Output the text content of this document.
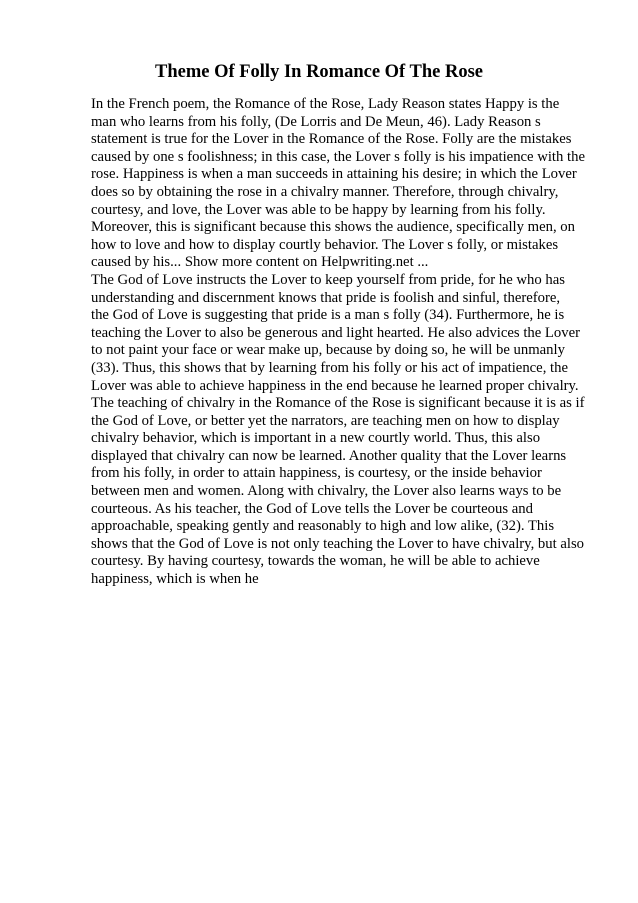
Theme Of Folly In Romance Of The Rose
In the French poem, the Romance of the Rose, Lady Reason states Happy is the
man who learns from his folly, (De Lorris and De Meun, 46). Lady Reason s
statement is true for the Lover in the Romance of the Rose. Folly are the mistakes
caused by one s foolishness; in this case, the Lover s folly is his impatience with the
rose. Happiness is when a man succeeds in attaining his desire; in which the Lover
does so by obtaining the rose in a chivalry manner. Therefore, through chivalry,
courtesy, and love, the Lover was able to be happy by learning from his folly.
Moreover, this is significant because this shows the audience, specifically men, on
how to love and how to display courtly behavior. The Lover s folly, or mistakes
caused by his... Show more content on Helpwriting.net ...
The God of Love instructs the Lover to keep yourself from pride, for he who has
understanding and discernment knows that pride is foolish and sinful, therefore,
the God of Love is suggesting that pride is a man s folly (34). Furthermore, he is
teaching the Lover to also be generous and light hearted. He also advices the Lover
to not paint your face or wear make up, because by doing so, he will be unmanly
(33). Thus, this shows that by learning from his folly or his act of impatience, the
Lover was able to achieve happiness in the end because he learned proper chivalry.
The teaching of chivalry in the Romance of the Rose is significant because it is as if
the God of Love, or better yet the narrators, are teaching men on how to display
chivalry behavior, which is important in a new courtly world. Thus, this also
displayed that chivalry can now be learned. Another quality that the Lover learns
from his folly, in order to attain happiness, is courtesy, or the inside behavior
between men and women. Along with chivalry, the Lover also learns ways to be
courteous. As his teacher, the God of Love tells the Lover be courteous and
approachable, speaking gently and reasonably to high and low alike, (32). This
shows that the God of Love is not only teaching the Lover to have chivalry, but also
courtesy. By having courtesy, towards the woman, he will be able to achieve
happiness, which is when he
